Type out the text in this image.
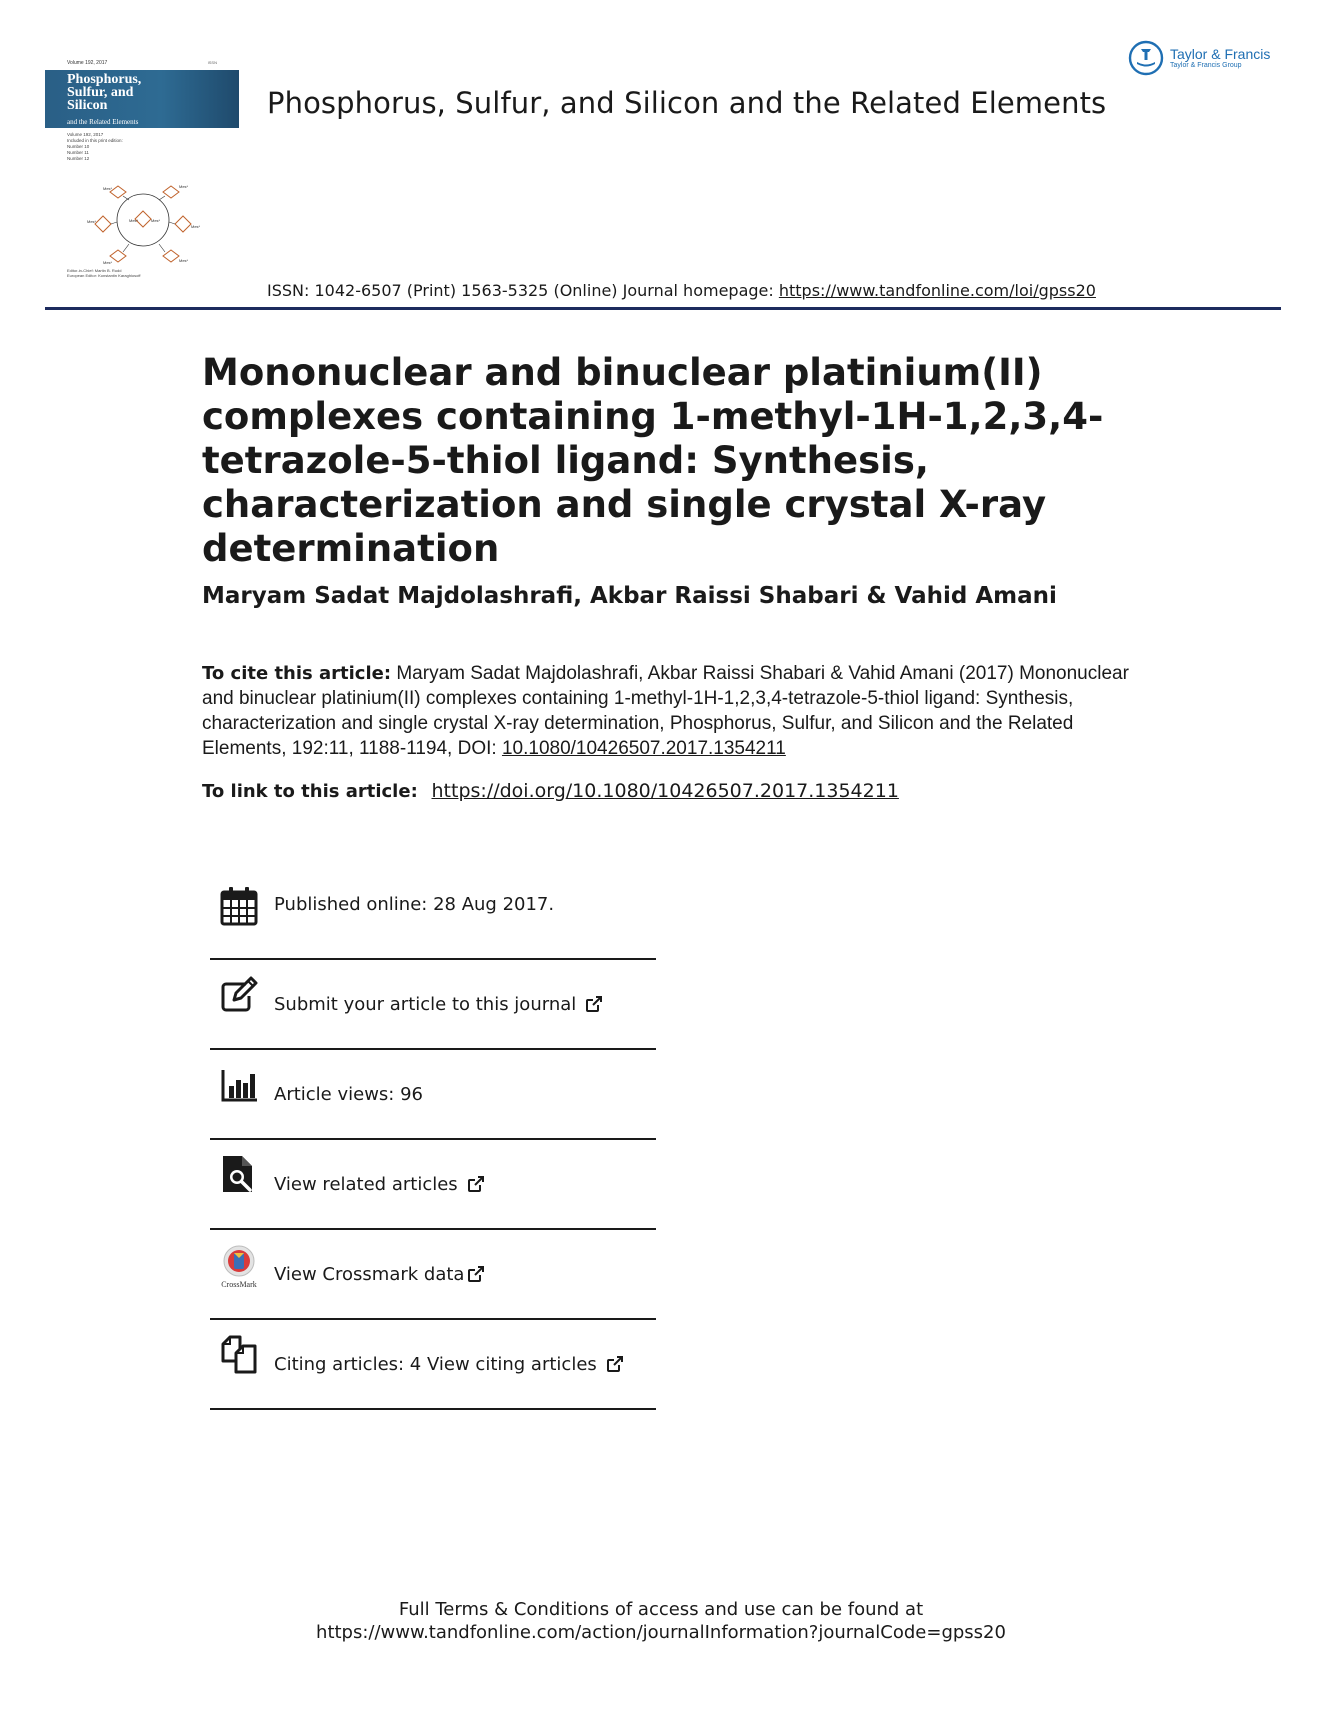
Volume 192, 2017	ISSN
Phosphorus, Sulfur, and Silicon
and the Related Elements
Volume 192, 2017
Included in this print edition:
Number 10
Number 11
Number 12
Mes*
Mes*
Mes*	Mes*
Mes*	Mes*
Mes*	Mes*
Editor-in-Chief: Martin B. Rudd
European Editor: Konstantin Karaghiosoff
Taylor & Francis
Taylor & Francis Group
Phosphorus, Sulfur, and Silicon and the Related Elements
ISSN: 1042-6507 (Print) 1563-5325 (Online) Journal homepage: https://www.tandfonline.com/loi/gpss20
Mononuclear and binuclear platinium(II) complexes containing 1-methyl-1H-1,2,3,4-tetrazole-5-thiol ligand: Synthesis, characterization and single crystal X-ray determination
Maryam Sadat Majdolashrafi, Akbar Raissi Shabari & Vahid Amani
To cite this article: Maryam Sadat Majdolashrafi, Akbar Raissi Shabari & Vahid Amani (2017) Mononuclear and binuclear platinium(II) complexes containing 1-methyl-1H-1,2,3,4-tetrazole-5-thiol ligand: Synthesis, characterization and single crystal X-ray determination, Phosphorus, Sulfur, and Silicon and the Related Elements, 192:11, 1188-1194, DOI: 10.1080/10426507.2017.1354211
To link to this article: https://doi.org/10.1080/10426507.2017.1354211
Published online: 28 Aug 2017.
Submit your article to this journal
Article views: 96
View related articles
CrossMark View Crossmark data
Citing articles: 4 View citing articles
Full Terms & Conditions of access and use can be found at
https://www.tandfonline.com/action/journalInformation?journalCode=gpss20
